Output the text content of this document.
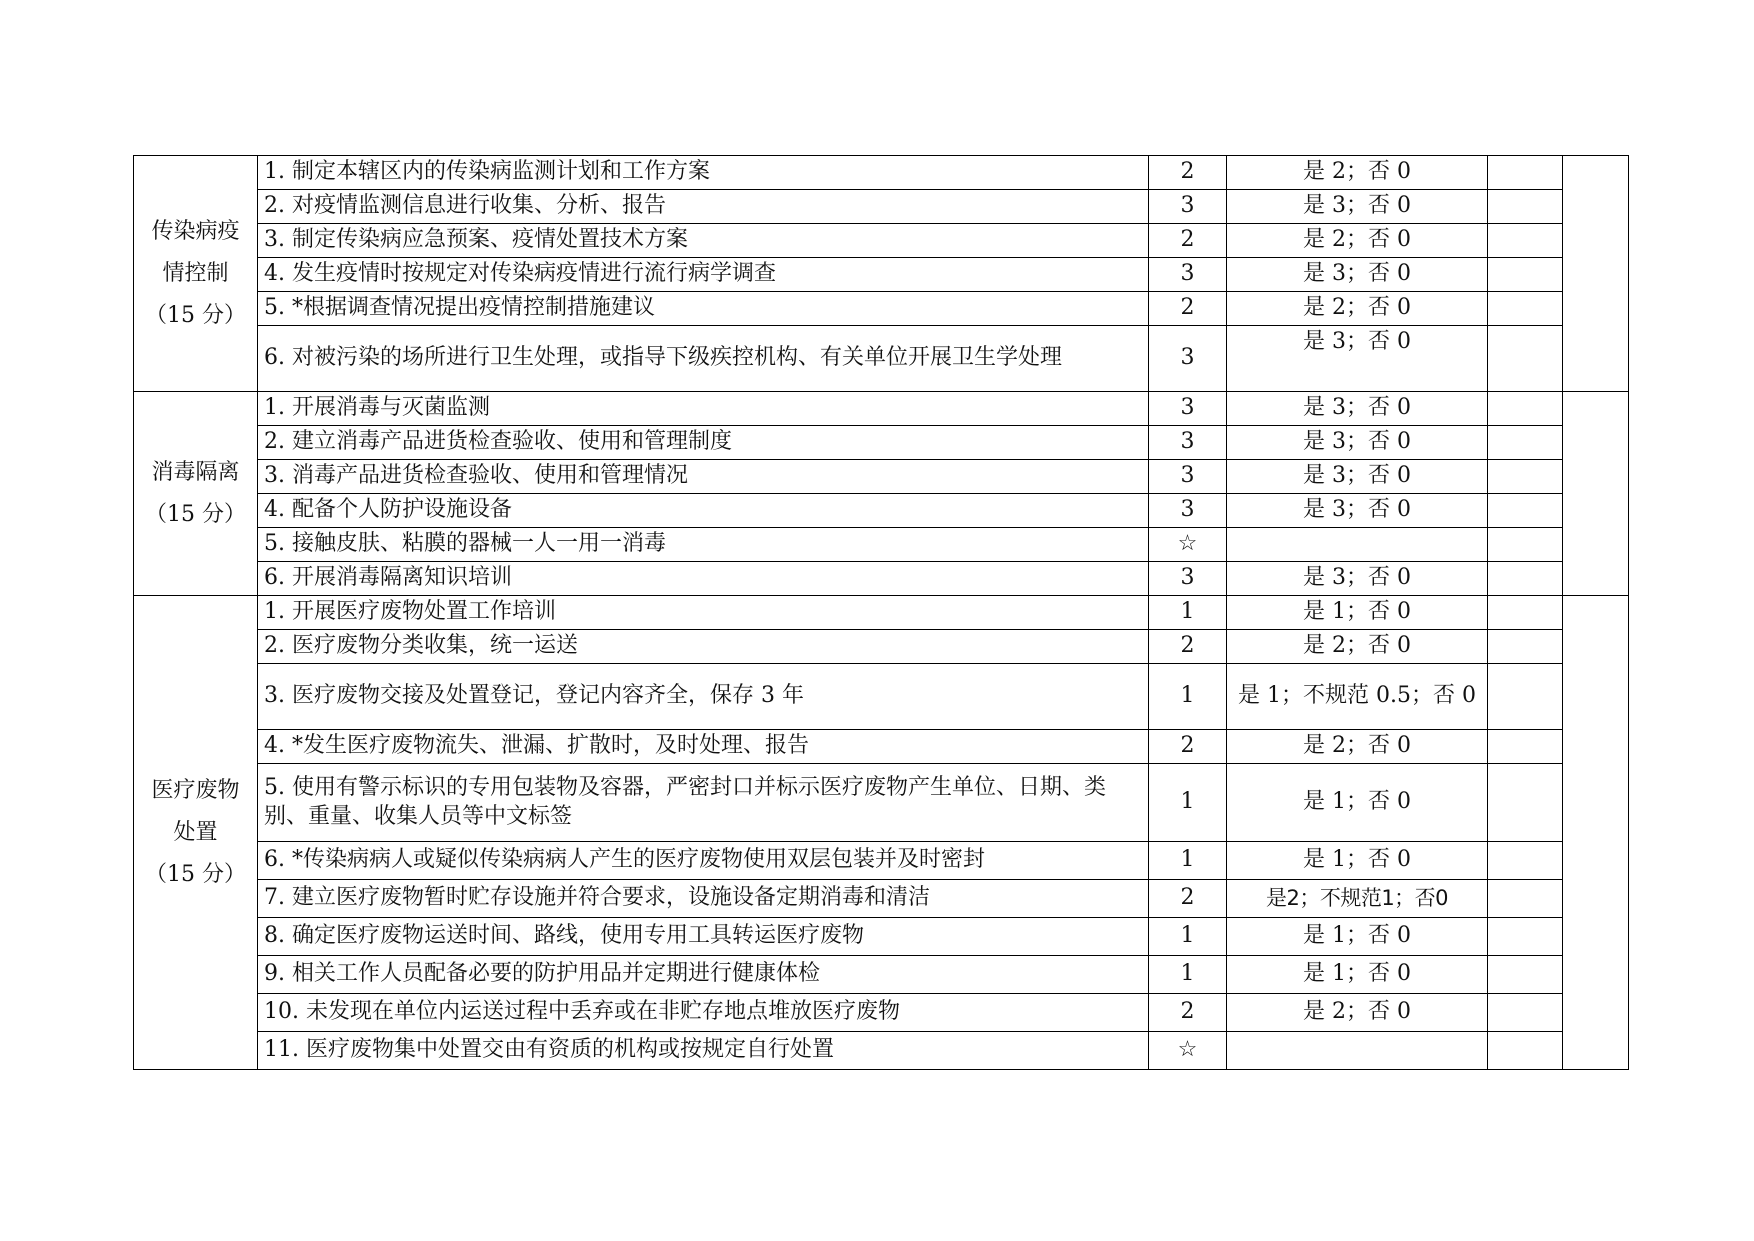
传染病疫
情控制
（15 分）	1. 制定本辖区内的传染病监测计划和工作方案	2	是 2；否 0		
	2. 对疫情监测信息进行收集、分析、报告	3	是 3；否 0		
	3. 制定传染病应急预案、疫情处置技术方案	2	是 2；否 0		
	4. 发生疫情时按规定对传染病疫情进行流行病学调查	3	是 3；否 0		
	5. *根据调查情况提出疫情控制措施建议	2	是 2；否 0		
	6. 对被污染的场所进行卫生处理，或指导下级疾控机构、有关单位开展卫生学处理	3	是 3；否 0		

消毒隔离
（15 分）	1. 开展消毒与灭菌监测	3	是 3；否 0		
	2. 建立消毒产品进货检查验收、使用和管理制度	3	是 3；否 0		
	3. 消毒产品进货检查验收、使用和管理情况	3	是 3；否 0		
	4. 配备个人防护设施设备	3	是 3；否 0		
	5. 接触皮肤、粘膜的器械一人一用一消毒	☆			
	6. 开展消毒隔离知识培训	3	是 3；否 0		

医疗废物
处置
（15 分）	1. 开展医疗废物处置工作培训	1	是 1；否 0		
	2. 医疗废物分类收集，统一运送	2	是 2；否 0		
	3. 医疗废物交接及处置登记，登记内容齐全，保存 3 年	1	是 1；不规范 0.5；否 0		
	4. *发生医疗废物流失、泄漏、扩散时，及时处理、报告	2	是 2；否 0		
	5. 使用有警示标识的专用包装物及容器，严密封口并标示医疗废物产生单位、日期、类别、重量、收集人员等中文标签	1	是 1；否 0		
	6. *传染病病人或疑似传染病病人产生的医疗废物使用双层包装并及时密封	1	是 1；否 0		
	7. 建立医疗废物暂时贮存设施并符合要求，设施设备定期消毒和清洁	2	是2；不规范1；否0		
	8. 确定医疗废物运送时间、路线，使用专用工具转运医疗废物	1	是 1；否 0		
	9. 相关工作人员配备必要的防护用品并定期进行健康体检	1	是 1；否 0		
	10. 未发现在单位内运送过程中丢弃或在非贮存地点堆放医疗废物	2	是 2；否 0		
	11. 医疗废物集中处置交由有资质的机构或按规定自行处置	☆			
